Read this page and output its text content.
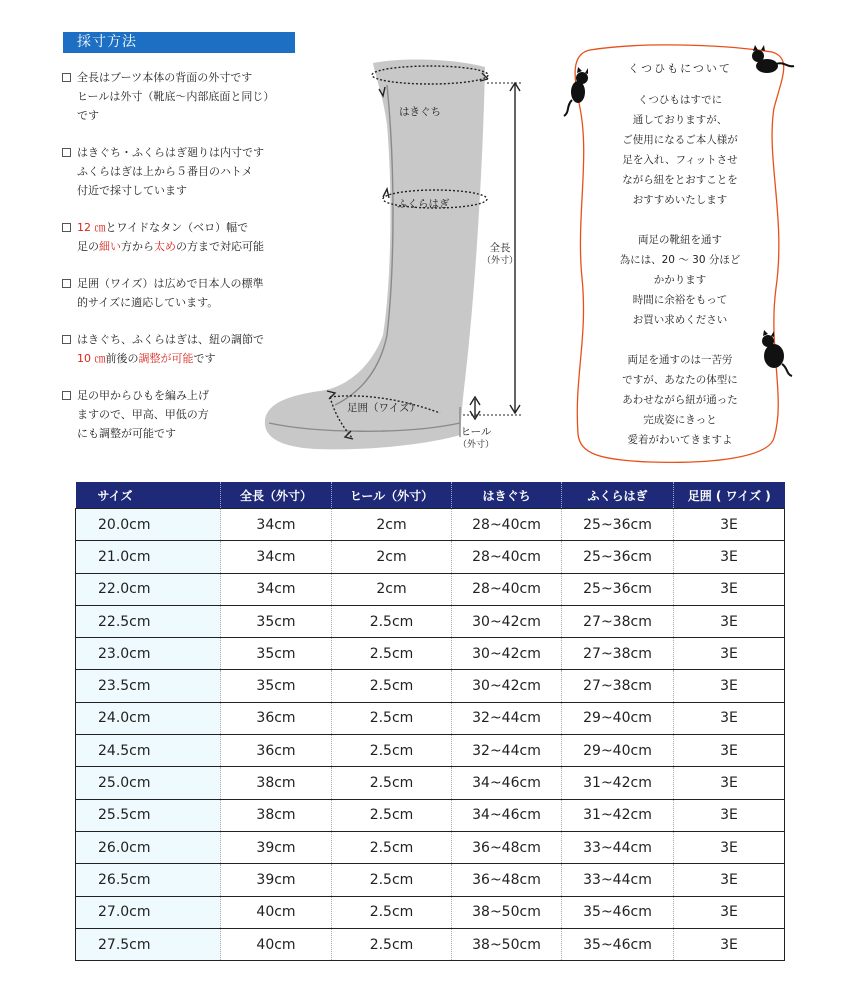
採寸方法
全長はブーツ本体の背面の外寸です
ヒールは外寸（靴底〜内部底面と同じ）
です
はきぐち・ふくらはぎ廻りは内寸です
ふくらはぎは上から５番目のハトメ
付近で採寸しています
12 ㎝とワイドなタン（ベロ）幅で
足の細い方から太めの方まで対応可能
足囲（ワイズ）は広めで日本人の標準
的サイズに適応しています。
はきぐち、ふくらはぎは、紐の調節で
10 ㎝前後の調整が可能です
足の甲からひもを編み上げ
ますので、甲高、甲低の方
にも調整が可能です
はきぐち
ふくらはぎ
全長
（外寸）
足囲（ワイズ）
ヒール
（外寸）
くつひもについて
くつひもはすでに
通しておりますが、
ご使用になるご本人様が
足を入れ、フィットさせ
ながら紐をとおすことを
おすすめいたします
両足の靴紐を通す
為には、20 〜 30 分ほど
かかります
時間に余裕をもって
お買い求めください
両足を通すのは一苦労
ですが、あなたの体型に
あわせながら紐が通った
完成姿にきっと
愛着がわいてきますよ
サイズ	全長（外寸）	ヒール（外寸）	はきぐち	ふくらはぎ	足囲 ( ワイズ )
20.0cm	34cm	2cm	28~40cm	25~36cm	3E
21.0cm	34cm	2cm	28~40cm	25~36cm	3E
22.0cm	34cm	2cm	28~40cm	25~36cm	3E
22.5cm	35cm	2.5cm	30~42cm	27~38cm	3E
23.0cm	35cm	2.5cm	30~42cm	27~38cm	3E
23.5cm	35cm	2.5cm	30~42cm	27~38cm	3E
24.0cm	36cm	2.5cm	32~44cm	29~40cm	3E
24.5cm	36cm	2.5cm	32~44cm	29~40cm	3E
25.0cm	38cm	2.5cm	34~46cm	31~42cm	3E
25.5cm	38cm	2.5cm	34~46cm	31~42cm	3E
26.0cm	39cm	2.5cm	36~48cm	33~44cm	3E
26.5cm	39cm	2.5cm	36~48cm	33~44cm	3E
27.0cm	40cm	2.5cm	38~50cm	35~46cm	3E
27.5cm	40cm	2.5cm	38~50cm	35~46cm	3E
